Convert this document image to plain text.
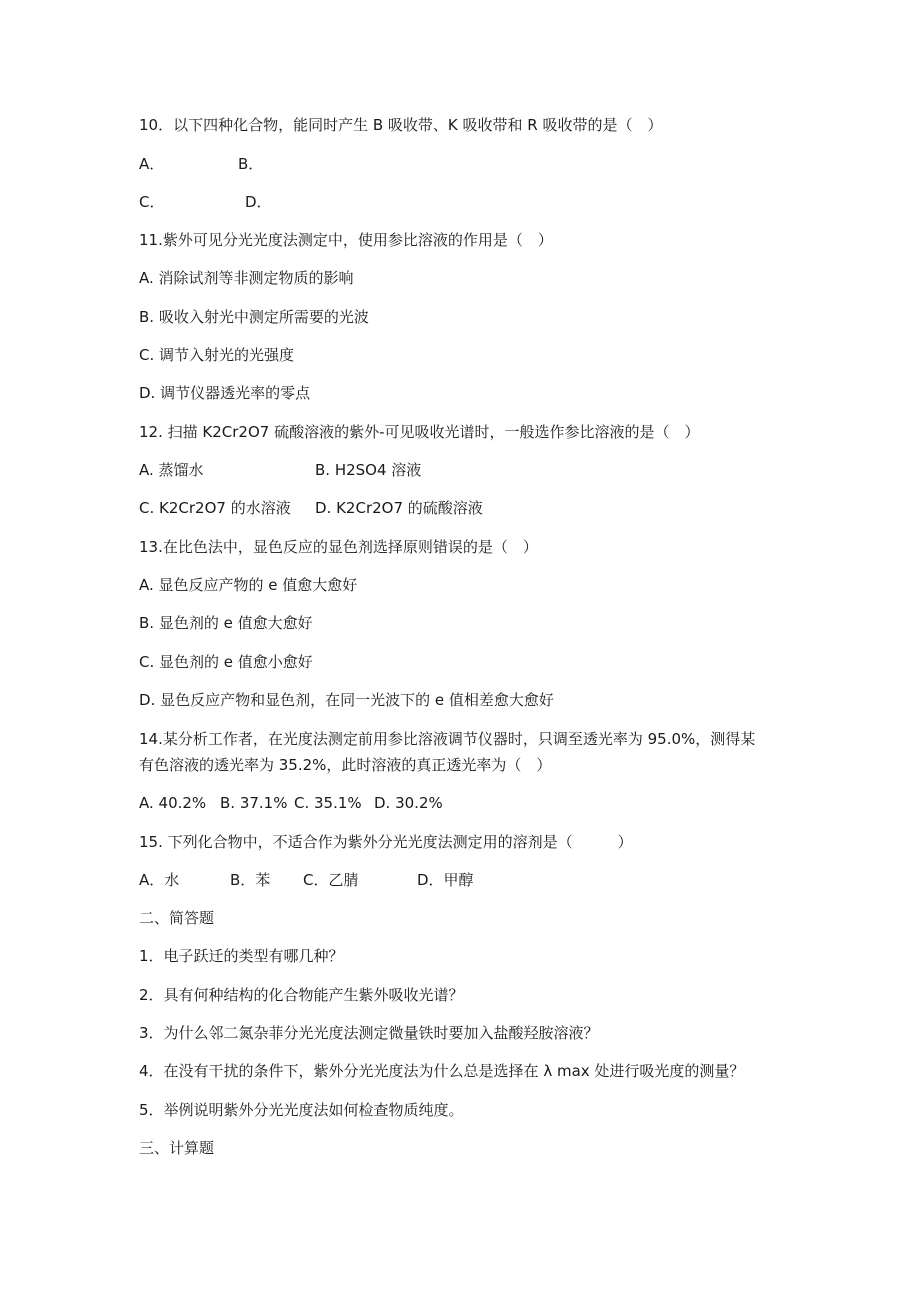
10．以下四种化合物，能同时产生 B 吸收带、K 吸收带和 R 吸收带的是（　）
A．	B．
C．	D．
11.紫外可见分光光度法测定中，使用参比溶液的作用是（　）
A. 消除试剂等非测定物质的影响
B. 吸收入射光中测定所需要的光波
C. 调节入射光的光强度
D. 调节仪器透光率的零点
12. 扫描 K2Cr2O7 硫酸溶液的紫外-可见吸收光谱时，一般选作参比溶液的是（　）
A. 蒸馏水	B. H2SO4 溶液
C. K2Cr2O7 的水溶液 D. K2Cr2O7 的硫酸溶液
13.在比色法中，显色反应的显色剂选择原则错误的是（　）
A. 显色反应产物的 e 值愈大愈好
B. 显色剂的 e 值愈大愈好
C. 显色剂的 e 值愈小愈好
D. 显色反应产物和显色剂，在同一光波下的 e 值相差愈大愈好
14.某分析工作者，在光度法测定前用参比溶液调节仪器时，只调至透光率为 95.0%，测得某
有色溶液的透光率为 35.2%，此时溶液的真正透光率为（　）
A. 40.2% B. 37.1% C. 35.1% D. 30.2%
15. 下列化合物中，不适合作为紫外分光光度法测定用的溶剂是（　　　）
A．水	B．苯 C．乙腈	D．甲醇
二、简答题
1．电子跃迁的类型有哪几种？
2．具有何种结构的化合物能产生紫外吸收光谱？
3．为什么邻二氮杂菲分光光度法测定微量铁时要加入盐酸羟胺溶液？
4．在没有干扰的条件下，紫外分光光度法为什么总是选择在 λ max 处进行吸光度的测量？
5．举例说明紫外分光光度法如何检查物质纯度。
三、计算题
